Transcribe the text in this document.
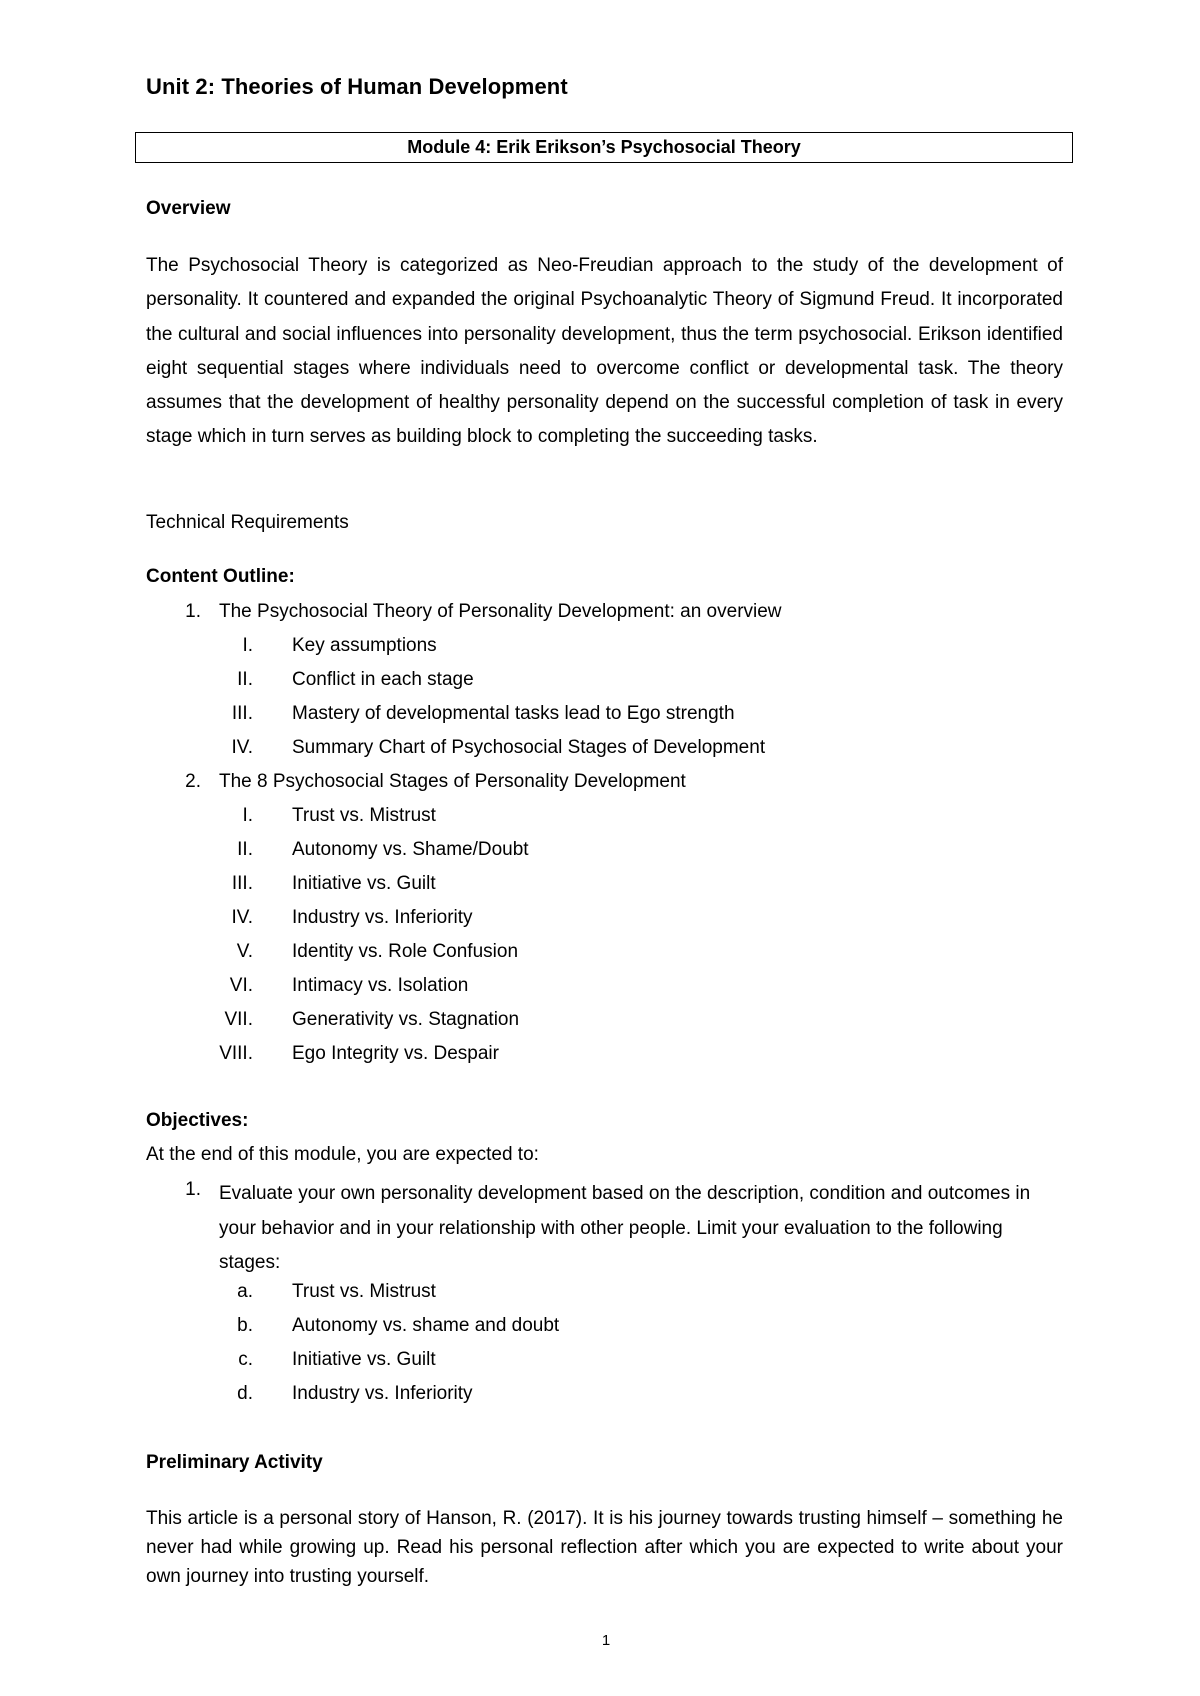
Unit 2: Theories of Human Development
Module 4: Erik Erikson’s Psychosocial Theory
Overview
The Psychosocial Theory is categorized as Neo-Freudian approach to the study of the development of personality. It countered and expanded the original Psychoanalytic Theory of Sigmund Freud. It incorporated the cultural and social influences into personality development, thus the term psychosocial. Erikson identified eight sequential stages where individuals need to overcome conflict or developmental task. The theory assumes that the development of healthy personality depend on the successful completion of task in every stage which in turn serves as building block to completing the succeeding tasks.
Technical Requirements
Content Outline:
1. The Psychosocial Theory of Personality Development: an overview
I. Key assumptions
II. Conflict in each stage
III. Mastery of developmental tasks lead to Ego strength
IV. Summary Chart of Psychosocial Stages of Development
2. The 8 Psychosocial Stages of Personality Development
I. Trust vs. Mistrust
II. Autonomy vs. Shame/Doubt
III. Initiative vs. Guilt
IV. Industry vs. Inferiority
V. Identity vs. Role Confusion
VI. Intimacy vs. Isolation
VII. Generativity vs. Stagnation
VIII. Ego Integrity vs. Despair
Objectives:
At the end of this module, you are expected to:
1. Evaluate your own personality development based on the description, condition and outcomes in your behavior and in your relationship with other people. Limit your evaluation to the following stages:
a. Trust vs. Mistrust
b. Autonomy vs. shame and doubt
c. Initiative vs. Guilt
d. Industry vs. Inferiority
Preliminary Activity
This article is a personal story of Hanson, R. (2017). It is his journey towards trusting himself – something he never had while growing up. Read his personal reflection after which you are expected to write about your own journey into trusting yourself.
1
